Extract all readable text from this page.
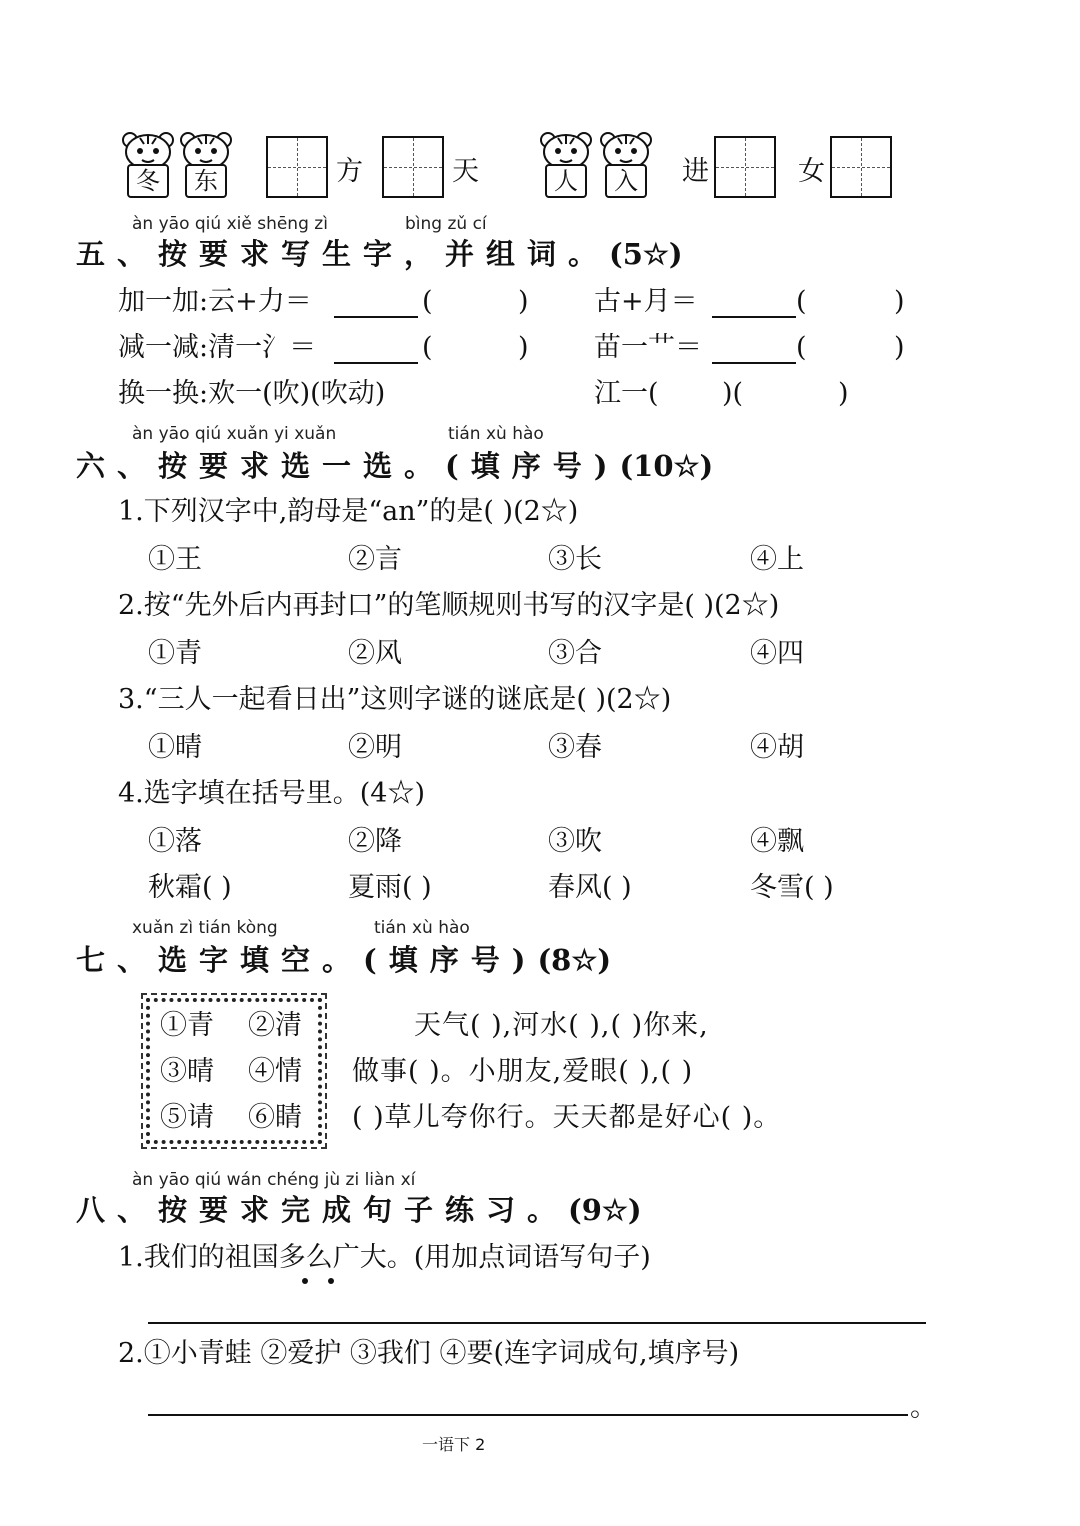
冬	东	方	天	人	入	进	女
àn yāo qiú xiě shēng zì	bìng zǔ cí
五、按要求写生字，并组词。(5☆)
加一加:云+力＝	(	) 古+月＝	(	)
减一减:清一氵＝	(	) 苗一艹＝	(	)
换一换:欢一(吹)(吹动)	江一( )(	)
àn yāo qiú xuǎn yi xuǎn	tián xù hào
六、按要求选一选。(填序号)(10☆)
1.下列汉字中,韵母是“an”的是( )(2☆)
①王	②言	③长	④上
2.按“先外后内再封口”的笔顺规则书写的汉字是( )(2☆)
①青	②风	③合	④四
3.“三人一起看日出”这则字谜的谜底是( )(2☆)
①晴	②明	③春	④胡
4.选字填在括号里。(4☆)
①落	②降	③吹	④飘
秋霜( )	夏雨( )	春风( )	冬雪( )
xuǎn zì tián kòng	tián xù hào
七、选字填空。(填序号)(8☆)
①青 ②清
③晴 ④情
⑤请 ⑥睛
天气( ),河水( ),( )你来,
做事( )。小朋友,爱眼( ),( )
( )草儿夸你行。天天都是好心( )。
àn yāo qiú wán chéng jù zi liàn xí
八、按要求完成句子练习。(9☆)
1.我们的祖国多么广大。(用加点词语写句子)
2.①小青蛙 ②爱护 ③我们 ④要(连字词成句,填序号)
。
一语下 2
